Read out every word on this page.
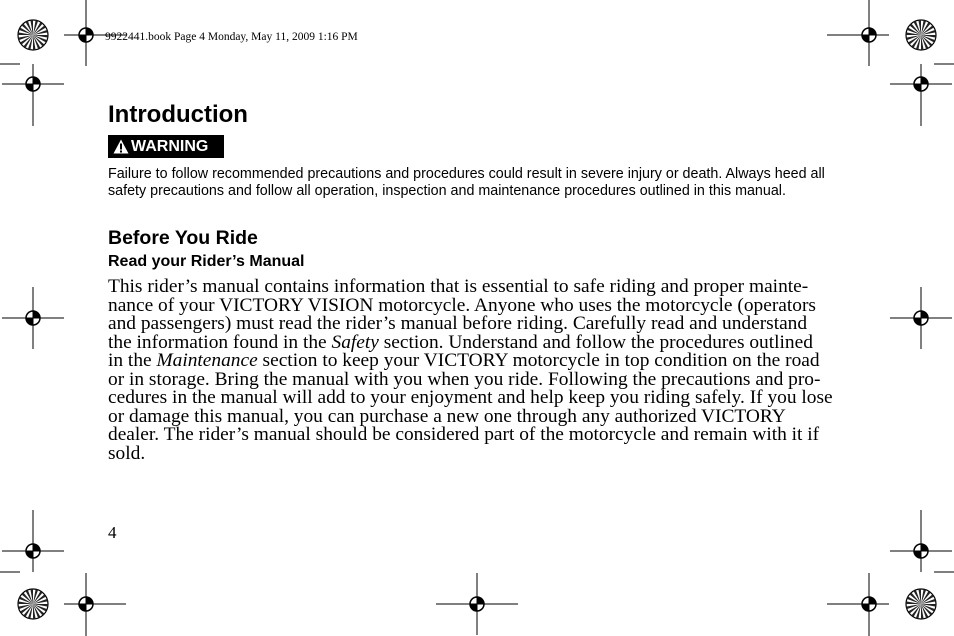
9922441.book Page 4 Monday, May 11, 2009 1:16 PM
Introduction
WARNING

Failure to follow recommended precautions and procedures could result in severe injury or death. Always heed all safety precautions and follow all operation, inspection and maintenance procedures outlined in this manual.

Before You Ride
Read your Rider’s Manual

This rider’s manual contains information that is essential to safe riding and proper mainte-
nance of your VICTORY VISION motorcycle. Anyone who uses the motorcycle (operators
and passengers) must read the rider’s manual before riding. Carefully read and understand
the information found in the Safety section. Understand and follow the procedures outlined
in the Maintenance section to keep your VICTORY motorcycle in top condition on the road
or in storage. Bring the manual with you when you ride. Following the precautions and pro-
cedures in the manual will add to your enjoyment and help keep you riding safely. If you lose
or damage this manual, you can purchase a new one through any authorized VICTORY
dealer. The rider’s manual should be considered part of the motorcycle and remain with it if
sold.

4
